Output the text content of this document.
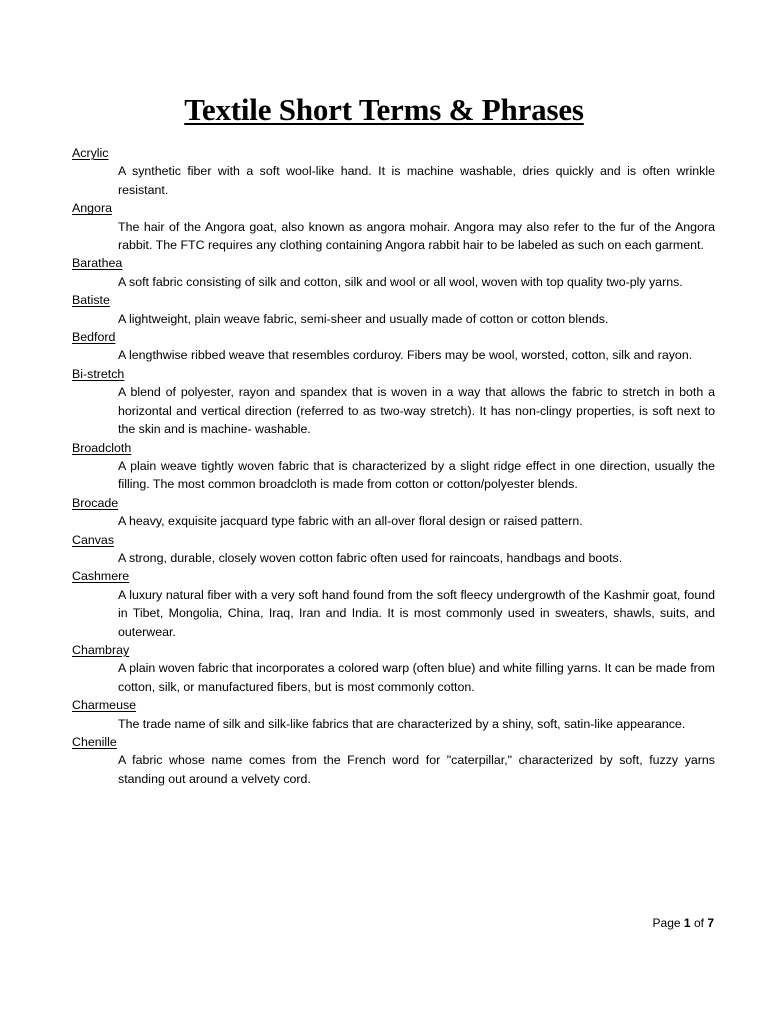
Textile Short Terms & Phrases
Acrylic

A synthetic fiber with a soft wool-like hand. It is machine washable, dries quickly and is often wrinkle resistant.

Angora

The hair of the Angora goat, also known as angora mohair. Angora may also refer to the fur of the Angora rabbit. The FTC requires any clothing containing Angora rabbit hair to be labeled as such on each garment.

Barathea

A soft fabric consisting of silk and cotton, silk and wool or all wool, woven with top quality two-ply yarns.

Batiste

A lightweight, plain weave fabric, semi-sheer and usually made of cotton or cotton blends.

Bedford

A lengthwise ribbed weave that resembles corduroy. Fibers may be wool, worsted, cotton, silk and rayon.

Bi-stretch

A blend of polyester, rayon and spandex that is woven in a way that allows the fabric to stretch in both a horizontal and vertical direction (referred to as two-way stretch). It has non-clingy properties, is soft next to the skin and is machine- washable.

Broadcloth

A plain weave tightly woven fabric that is characterized by a slight ridge effect in one direction, usually the filling. The most common broadcloth is made from cotton or cotton/polyester blends.

Brocade

A heavy, exquisite jacquard type fabric with an all-over floral design or raised pattern.

Canvas

A strong, durable, closely woven cotton fabric often used for raincoats, handbags and boots.

Cashmere

A luxury natural fiber with a very soft hand found from the soft fleecy undergrowth of the Kashmir goat, found in Tibet, Mongolia, China, Iraq, Iran and India. It is most commonly used in sweaters, shawls, suits, and outerwear.

Chambray

A plain woven fabric that incorporates a colored warp (often blue) and white filling yarns. It can be made from cotton, silk, or manufactured fibers, but is most commonly cotton.

Charmeuse

The trade name of silk and silk-like fabrics that are characterized by a shiny, soft, satin-like appearance.

Chenille

A fabric whose name comes from the French word for "caterpillar," characterized by soft, fuzzy yarns standing out around a velvety cord.

Page 1 of 7
